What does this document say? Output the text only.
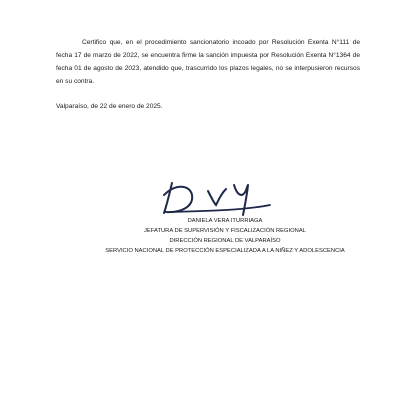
Certifico que, en el procedimiento sancionatorio incoado por Resolución Exenta N°111 de fecha 17 de marzo de 2022, se encuentra firme la sanción impuesta por Resolución Exenta N°1364 de fecha 01 de agosto de 2023, atendido que, trascurrido los plazos legales, no se interpusieron recursos en su contra.

Valparaíso, de 22 de enero de 2025.

DANIELA VERA ITURRIAGA
JEFATURA DE SUPERVISIÓN Y FISCALIZACIÓN REGIONAL
DIRECCIÓN REGIONAL DE VALPARAÍSO
SERVICIO NACIONAL DE PROTECCIÓN ESPECIALIZADA A LA NIÑEZ Y ADOLESCENCIA
